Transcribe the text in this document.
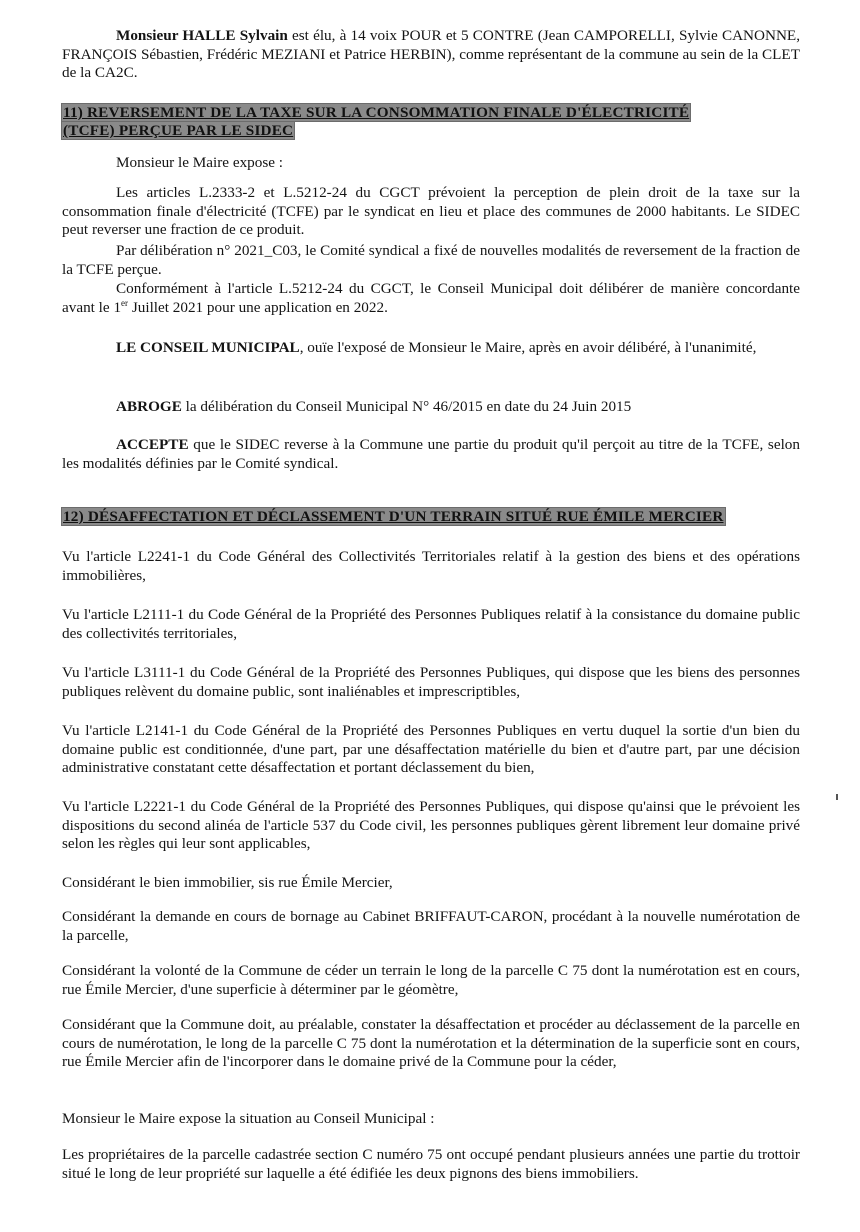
Monsieur HALLE Sylvain est élu, à 14 voix POUR et 5 CONTRE (Jean CAMPORELLI, Sylvie CANONNE, FRANÇOIS Sébastien, Frédéric MEZIANI et Patrice HERBIN), comme représentant de la commune au sein de la CLET de la CA2C.

11) REVERSEMENT DE LA TAXE SUR LA CONSOMMATION FINALE D'ÉLECTRICITÉ
(TCFE) PERÇUE PAR LE SIDEC

Monsieur le Maire expose :

Les articles L.2333-2 et L.5212-24 du CGCT prévoient la perception de plein droit de la taxe sur la consommation finale d'électricité (TCFE) par le syndicat en lieu et place des communes de 2000 habitants. Le SIDEC peut reverser une fraction de ce produit.

Par délibération n° 2021_C03, le Comité syndical a fixé de nouvelles modalités de reversement de la fraction de la TCFE perçue.

Conformément à l'article L.5212-24 du CGCT, le Conseil Municipal doit délibérer de manière concordante avant le 1er Juillet 2021 pour une application en 2022.

LE CONSEIL MUNICIPAL, ouïe l'exposé de Monsieur le Maire, après en avoir délibéré, à l'unanimité,

ABROGE la délibération du Conseil Municipal N° 46/2015 en date du 24 Juin 2015

ACCEPTE que le SIDEC reverse à la Commune une partie du produit qu'il perçoit au titre de la TCFE, selon les modalités définies par le Comité syndical.

12) DÉSAFFECTATION ET DÉCLASSEMENT D'UN TERRAIN SITUÉ RUE ÉMILE MERCIER

Vu l'article L2241-1 du Code Général des Collectivités Territoriales relatif à la gestion des biens et des opérations immobilières,

Vu l'article L2111-1 du Code Général de la Propriété des Personnes Publiques relatif à la consistance du domaine public des collectivités territoriales,

Vu l'article L3111-1 du Code Général de la Propriété des Personnes Publiques, qui dispose que les biens des personnes publiques relèvent du domaine public, sont inaliénables et imprescriptibles,

Vu l'article L2141-1 du Code Général de la Propriété des Personnes Publiques en vertu duquel la sortie d'un bien du domaine public est conditionnée, d'une part, par une désaffectation matérielle du bien et d'autre part, par une décision administrative constatant cette désaffectation et portant déclassement du bien,

Vu l'article L2221-1 du Code Général de la Propriété des Personnes Publiques, qui dispose qu'ainsi que le prévoient les dispositions du second alinéa de l'article 537 du Code civil, les personnes publiques gèrent librement leur domaine privé selon les règles qui leur sont applicables,

Considérant le bien immobilier, sis rue Émile Mercier,

Considérant la demande en cours de bornage au Cabinet BRIFFAUT-CARON, procédant à la nouvelle numérotation de la parcelle,

Considérant la volonté de la Commune de céder un terrain le long de la parcelle C 75 dont la numérotation est en cours, rue Émile Mercier, d'une superficie à déterminer par le géomètre,

Considérant que la Commune doit, au préalable, constater la désaffectation et procéder au déclassement de la parcelle en cours de numérotation, le long de la parcelle C 75 dont la numérotation et la détermination de la superficie sont en cours, rue Émile Mercier afin de l'incorporer dans le domaine privé de la Commune pour la céder,

Monsieur le Maire expose la situation au Conseil Municipal :

Les propriétaires de la parcelle cadastrée section C numéro 75 ont occupé pendant plusieurs années une partie du trottoir situé le long de leur propriété sur laquelle a été édifiée les deux pignons des biens immobiliers.
